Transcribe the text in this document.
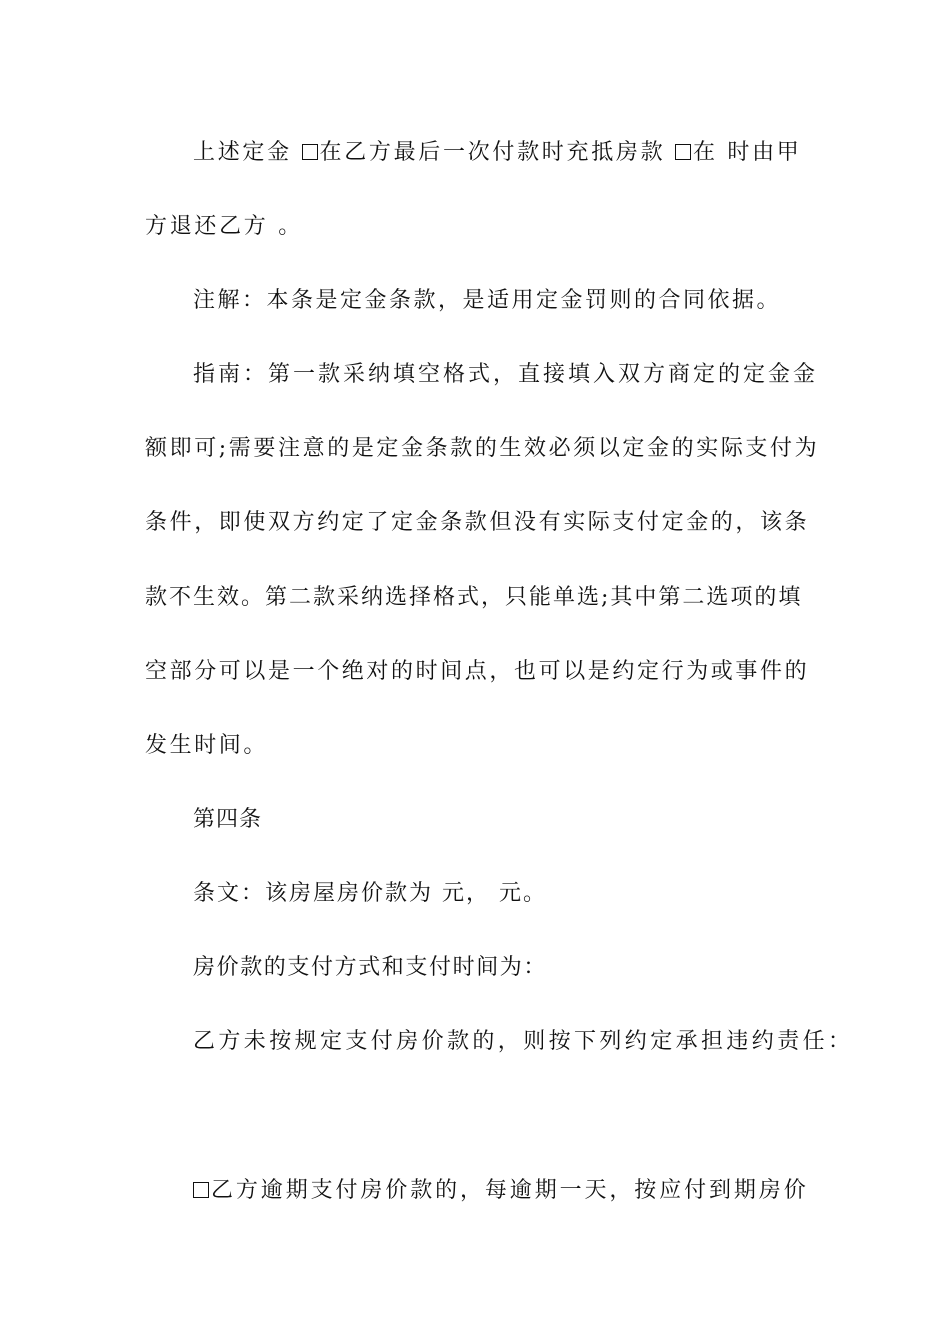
上述定金 在乙方最后一次付款时充抵房款 在 时由甲
方退还乙方 。
注解：本条是定金条款，是适用定金罚则的合同依据。
指南：第一款采纳填空格式，直接填入双方商定的定金金
额即可;需要注意的是定金条款的生效必须以定金的实际支付为
条件，即使双方约定了定金条款但没有实际支付定金的，该条
款不生效。第二款采纳选择格式，只能单选;其中第二选项的填
空部分可以是一个绝对的时间点，也可以是约定行为或事件的
发生时间。
第四条
条文：该房屋房价款为 元， 元。
房价款的支付方式和支付时间为：
乙方未按规定支付房价款的，则按下列约定承担违约责任：
乙方逾期支付房价款的，每逾期一天，按应付到期房价
